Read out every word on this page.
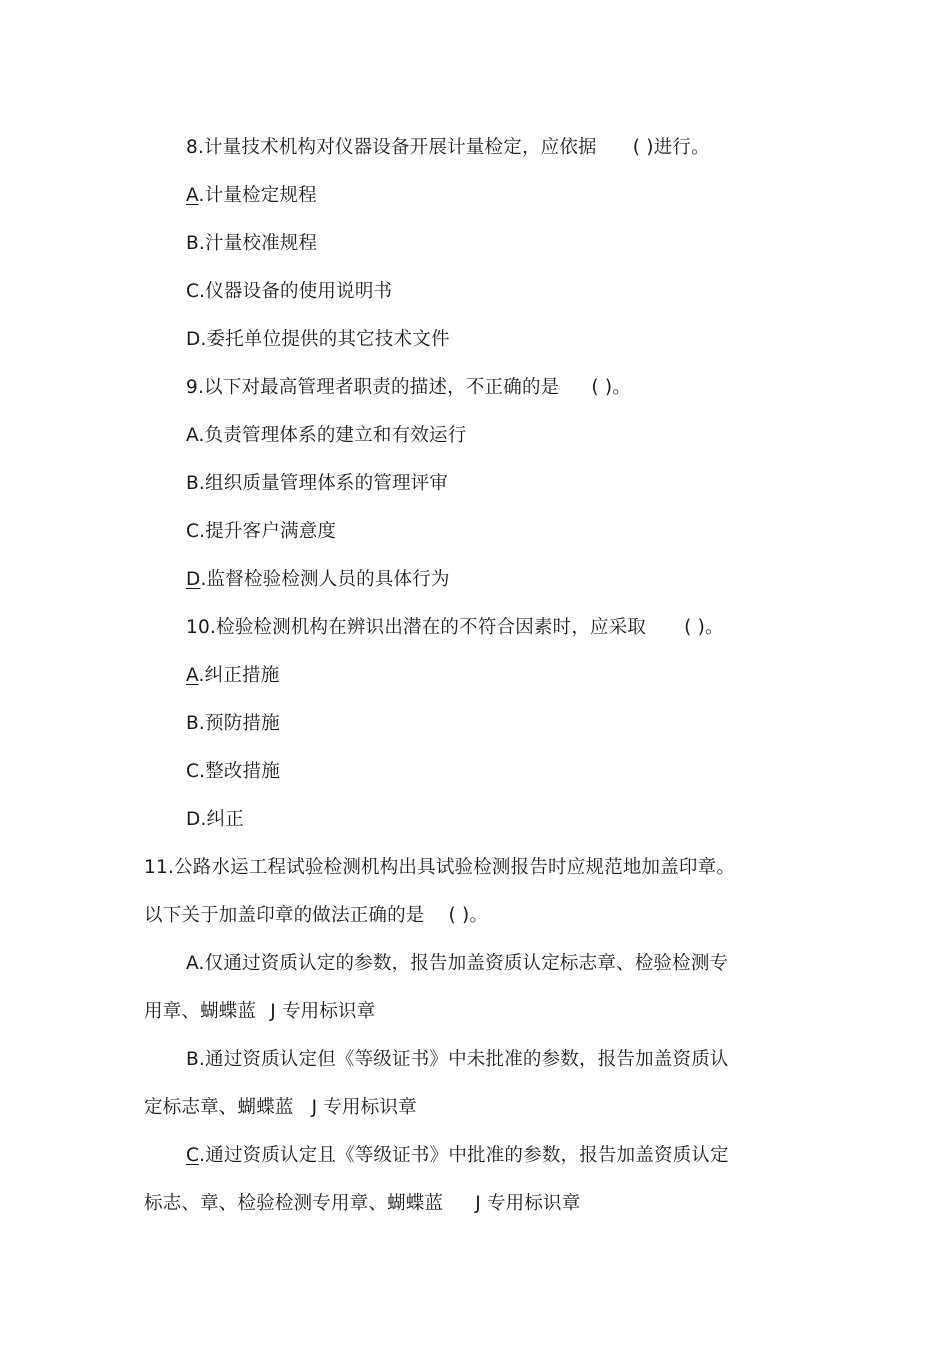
8.计量技术机构对仪器设备开展计量检定，应依据 ( )进行。
A.计量检定规程
B.汁量校准规程
C.仪器设备的使用说明书
D.委托单位提供的其它技术文件
9.以下对最高管理者职责的描述，不正确的是 ( )。
A.负责管理体系的建立和有效运行
B.组织质量管理体系的管理评审
C.提升客户满意度
D.监督检验检测人员的具体行为
10.检验检测机构在辨识出潜在的不符合因素时，应采取 ( )。
A.纠正措施
B.预防措施
C.整改措施
D.纠正
11.公路水运工程试验检测机构出具试验检测报告时应规范地加盖印章。
以下关于加盖印章的做法正确的是 ( )。
A.仅通过资质认定的参数，报告加盖资质认定标志章、检验检测专
用章、蝴蝶蓝 J 专用标识章
B.通过资质认定但《等级证书》中未批准的参数，报告加盖资质认
定标志章、蝴蝶蓝 J 专用标识章
C.通过资质认定且《等级证书》中批准的参数，报告加盖资质认定
标志、章、检验检测专用章、蝴蝶蓝 J 专用标识章
